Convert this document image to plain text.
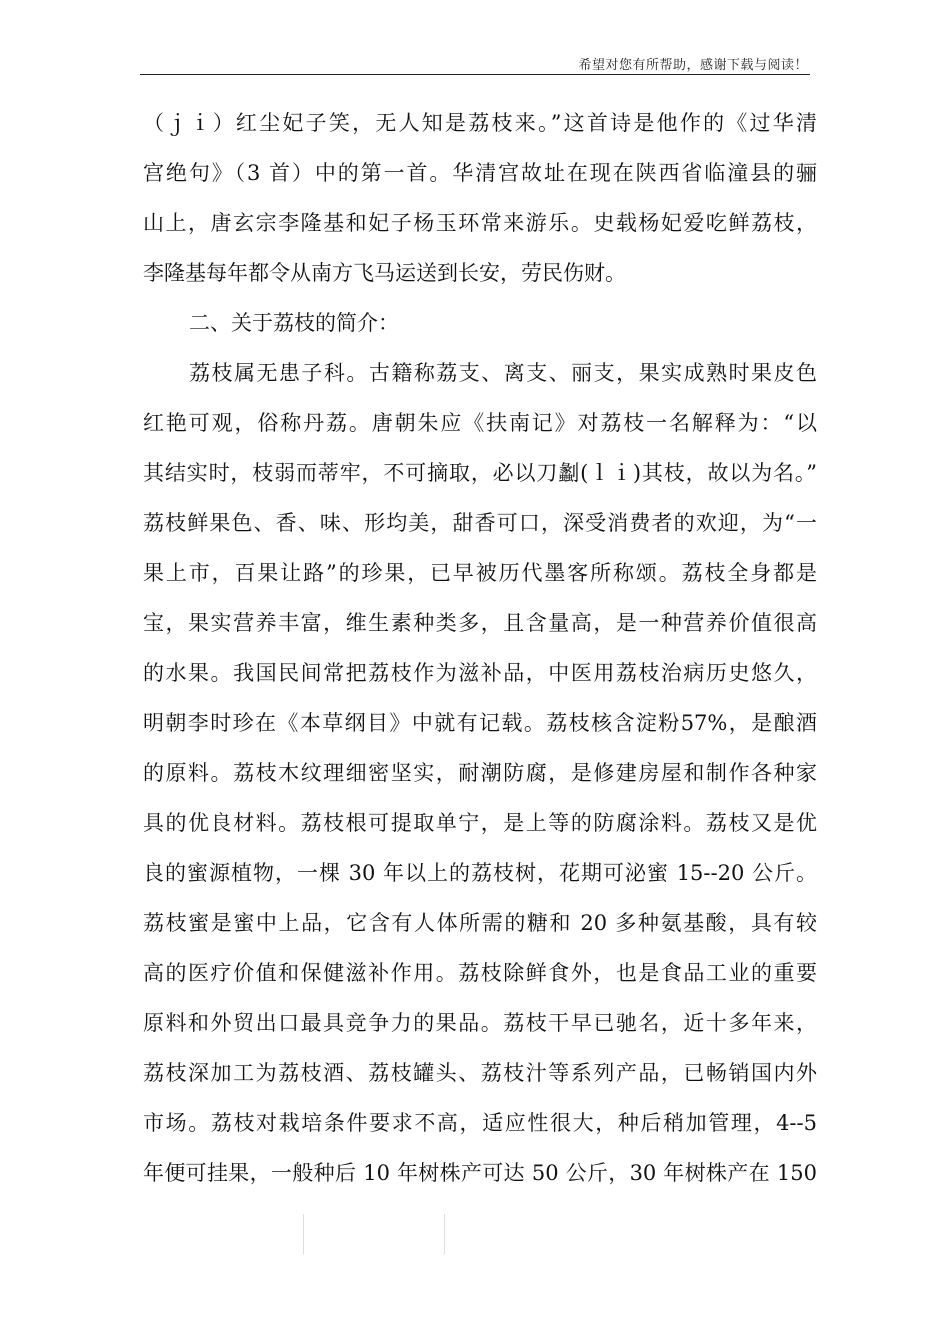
希望对您有所帮助，感谢下载与阅读！
（ｊｉ）红尘妃子笑，无人知是荔枝来。”这首诗是他作的《过华清
宫绝句》（3 首）中的第一首。华清宫故址在现在陕西省临潼县的骊
山上，唐玄宗李隆基和妃子杨玉环常来游乐。史载杨妃爱吃鲜荔枝，
李隆基每年都令从南方飞马运送到长安，劳民伤财。
二、关于荔枝的简介：
荔枝属无患子科。古籍称荔支、离支、丽支，果实成熟时果皮色
红艳可观，俗称丹荔。唐朝朱应《扶南记》对荔枝一名解释为：“以
其结实时，枝弱而蒂牢，不可摘取，必以刀劙(ｌｉ)其枝，故以为名。”
荔枝鲜果色、香、味、形均美，甜香可口，深受消费者的欢迎，为“一
果上市，百果让路”的珍果，已早被历代墨客所称颂。荔枝全身都是
宝，果实营养丰富，维生素种类多，且含量高，是一种营养价值很高
的水果。我国民间常把荔枝作为滋补品，中医用荔枝治病历史悠久，
明朝李时珍在《本草纲目》中就有记载。荔枝核含淀粉57%，是酿酒
的原料。荔枝木纹理细密坚实，耐潮防腐，是修建房屋和制作各种家
具的优良材料。荔枝根可提取单宁，是上等的防腐涂料。荔枝又是优
良的蜜源植物，一棵 30 年以上的荔枝树，花期可泌蜜 15--20 公斤。
荔枝蜜是蜜中上品，它含有人体所需的糖和 20 多种氨基酸，具有较
高的医疗价值和保健滋补作用。荔枝除鲜食外，也是食品工业的重要
原料和外贸出口最具竞争力的果品。荔枝干早已驰名，近十多年来，
荔枝深加工为荔枝酒、荔枝罐头、荔枝汁等系列产品，已畅销国内外
市场。荔枝对栽培条件要求不高，适应性很大，种后稍加管理，4--5
年便可挂果，一般种后 10 年树株产可达 50 公斤，30 年树株产在 150
